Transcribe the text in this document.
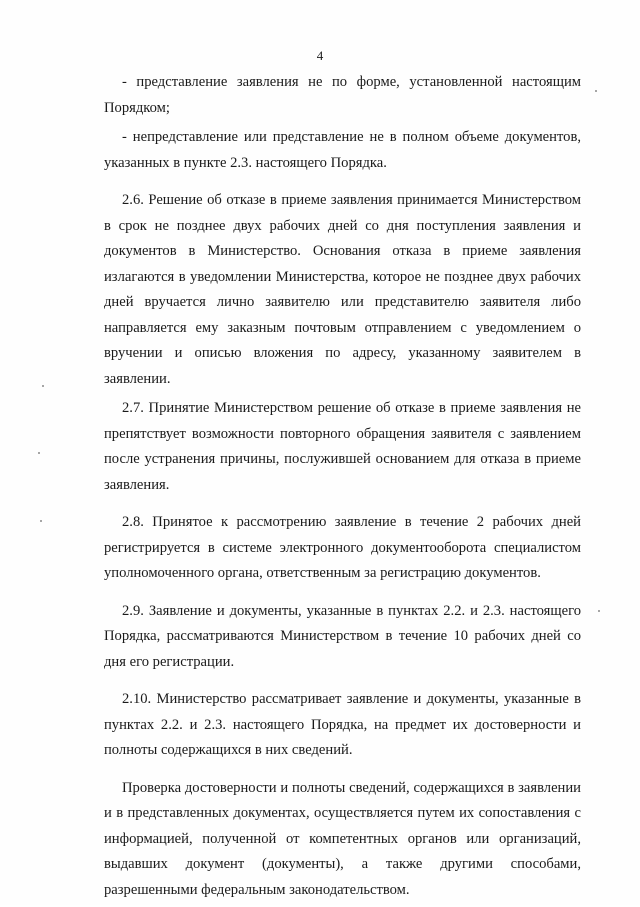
4

- представление заявления не по форме, установленной настоящим Порядком;

- непредставление или представление не в полном объеме документов, указанных в пункте 2.3. настоящего Порядка.

2.6. Решение об отказе в приеме заявления принимается Министерством в срок не позднее двух рабочих дней со дня поступления заявления и документов в Министерство. Основания отказа в приеме заявления излагаются в уведомлении Министерства, которое не позднее двух рабочих дней вручается лично заявителю или представителю заявителя либо направляется ему заказным почтовым отправлением с уведомлением о вручении и описью вложения по адресу, указанному заявителем в заявлении.

2.7. Принятие Министерством решение об отказе в приеме заявления не препятствует возможности повторного обращения заявителя с заявлением после устранения причины, послужившей основанием для отказа в приеме заявления.

2.8. Принятое к рассмотрению заявление в течение 2 рабочих дней регистрируется в системе электронного документооборота специалистом уполномоченного органа, ответственным за регистрацию документов.

2.9. Заявление и документы, указанные в пунктах 2.2. и 2.3. настоящего Порядка, рассматриваются Министерством в течение 10 рабочих дней со дня его регистрации.

2.10. Министерство рассматривает заявление и документы, указанные в пунктах 2.2. и 2.3. настоящего Порядка, на предмет их достоверности и полноты содержащихся в них сведений.

Проверка достоверности и полноты сведений, содержащихся в заявлении и в представленных документах, осуществляется путем их сопоставления с информацией, полученной от компетентных органов или организаций, выдавших документ (документы), а также другими способами, разрешенными федеральным законодательством.
